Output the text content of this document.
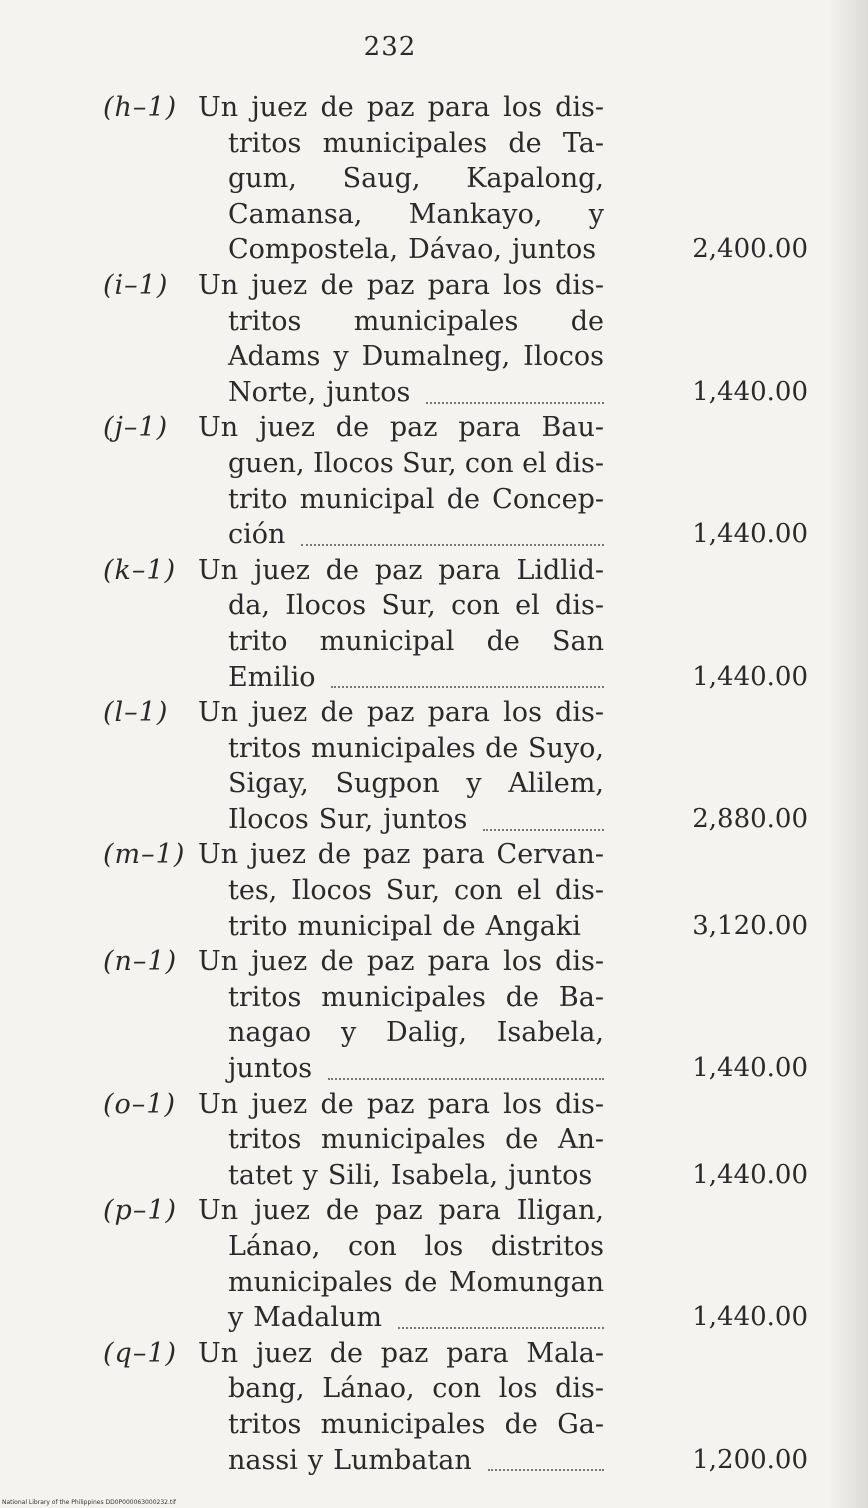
232
(h–1) Un juez de paz para los dis-
tritos municipales de Ta-
gum, Saug, Kapalong,
Camansa, Mankayo, y
Compostela, Dávao, juntos	2,400.00
(i–1) Un juez de paz para los dis-
tritos municipales de
Adams y Dumalneg, Ilocos
Norte, juntos	1,440.00
(j–1) Un juez de paz para Bau-
guen, Ilocos Sur, con el dis-
trito municipal de Concep-
ción	1,440.00
(k–1) Un juez de paz para Lidlid-
da, Ilocos Sur, con el dis-
trito municipal de San
Emilio	1,440.00
(l–1) Un juez de paz para los dis-
tritos municipales de Suyo,
Sigay, Sugpon y Alilem,
Ilocos Sur, juntos	2,880.00
(m–1) Un juez de paz para Cervan-
tes, Ilocos Sur, con el dis-
trito municipal de Angaki	3,120.00
(n–1) Un juez de paz para los dis-
tritos municipales de Ba-
nagao y Dalig, Isabela,
juntos	1,440.00
(o–1) Un juez de paz para los dis-
tritos municipales de An-
tatet y Sili, Isabela, juntos	1,440.00
(p–1) Un juez de paz para Iligan,
Lánao, con los distritos
municipales de Momungan
y Madalum	1,440.00
(q–1) Un juez de paz para Mala-
bang, Lánao, con los dis-
tritos municipales de Ga-
nassi y Lumbatan	1,200.00
National Library of the Philippines DD0P000063000232.tif
